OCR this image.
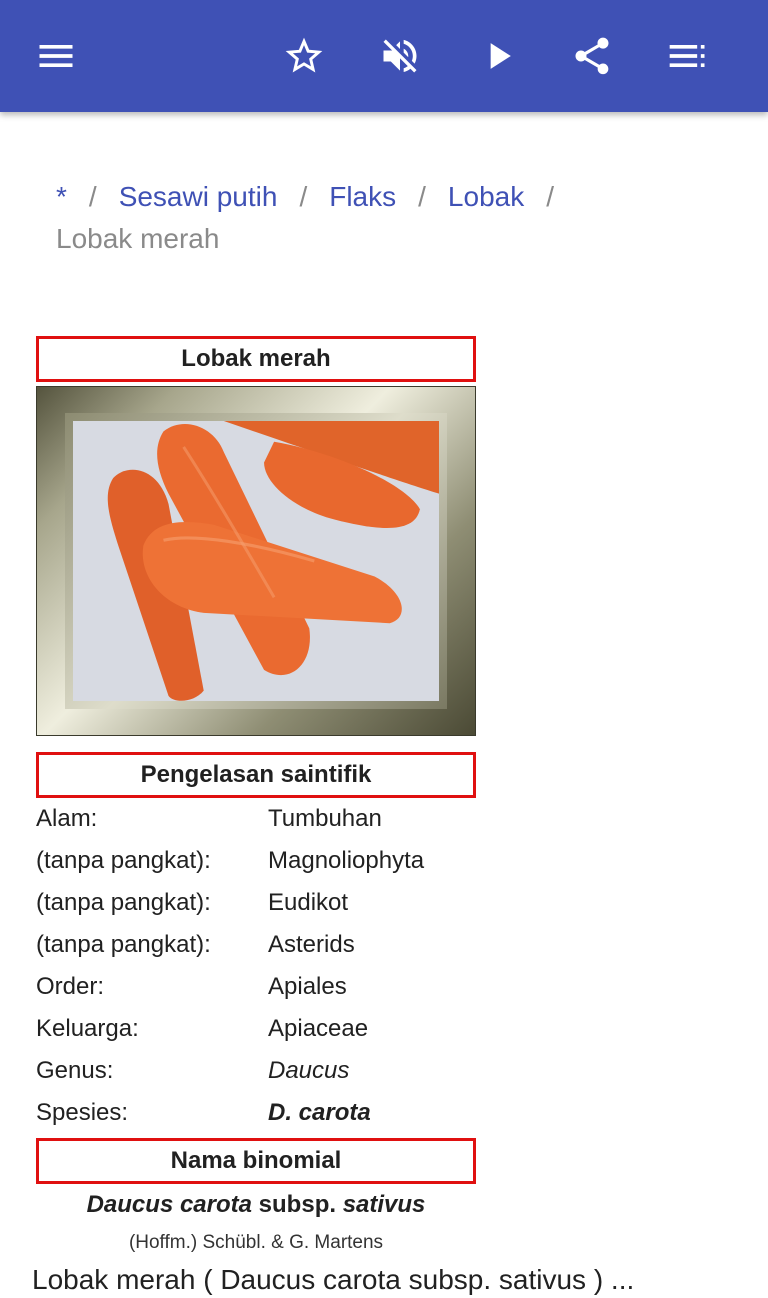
* / Sesawi putih / Flaks / Lobak /
Lobak merah
Lobak merah
Pengelasan saintifik
Alam:	Tumbuhan
(tanpa pangkat): Magnoliophyta
(tanpa pangkat): Eudikot
(tanpa pangkat): Asterids
Order:	Apiales
Keluarga:	Apiaceae
Genus:	Daucus
Spesies:	D. carota
Nama binomial
Daucus carota subsp. sativus
(Hoffm.) Schübl. & G. Martens
Lobak merah ( Daucus carota subsp. sativus ) ...
